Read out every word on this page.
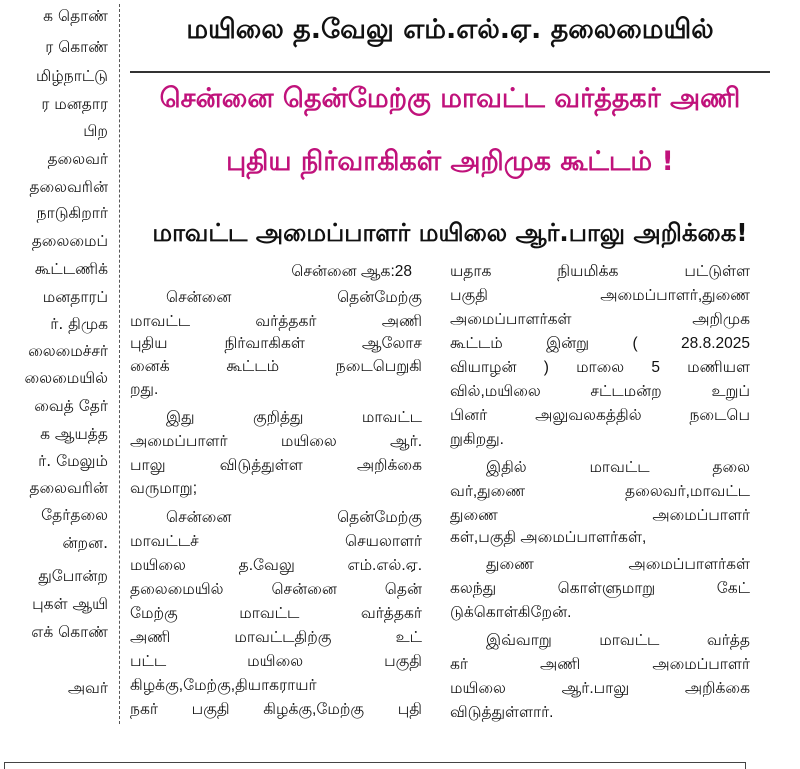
க தொண்
ர கொண்
மிழ்நாட்டு
ர மனதார
பிற
தலைவர்
தலைவரின்
நாடுகிறார்
தலைமைப்
கூட்டணிக்
மனதாரப்
ர். திமுக
லைமைச்சர்
லைமையில்
வைத் தேர்
க ஆயத்த
ர். மேலும்
தலைவரின்
தேர்தலை
ன்றன.
துபோன்ற
புகள் ஆயி
எக் கொண்
அவர்
மயிலை த.வேலு எம்.எல்.ஏ. தலைமையில்
சென்னை தென்மேற்கு மாவட்ட வர்த்தகர் அணி
புதிய நிர்வாகிகள் அறிமுக கூட்டம் !
மாவட்ட அமைப்பாளர் மயிலை ஆர்.பாலு அறிக்கை!
சென்னை ஆக:28
சென்னை தென்மேற்கு
மாவட்ட வர்த்தகர் அணி
புதிய நிர்வாகிகள் ஆலோச
னைக் கூட்டம் நடைபெறுகி
றது.
இது குறித்து மாவட்ட
அமைப்பாளர் மயிலை ஆர்.
பாலு விடுத்துள்ள அறிக்கை
வருமாறு;
சென்னை தென்மேற்கு
மாவட்டச் செயலாளர்
மயிலை த.வேலு எம்.எல்.ஏ.
தலைமையில் சென்னை தென்
மேற்கு மாவட்ட வர்த்தகர்
அணி மாவட்டதிற்கு உட்
பட்ட மயிலை பகுதி
கிழக்கு,மேற்கு,தியாகராயர்
நகர் பகுதி கிழக்கு,மேற்கு புதி
யதாக நியமிக்க பட்டுள்ள
பகுதி அமைப்பாளர்,துணை
அமைப்பாளர்கள் அறிமுக
கூட்டம் இன்று ( 28.8.2025
வியாழன் ) மாலை 5 மணியள
வில்,மயிலை சட்டமன்ற உறுப்
பினர் அலுவலகத்தில் நடைபெ
றுகிறது.
இதில் மாவட்ட தலை
வர்,துணை தலைவர்,மாவட்ட
துணை அமைப்பாளர்
கள்,பகுதி அமைப்பாளர்கள்,
துணை அமைப்பாளர்கள்
கலந்து கொள்ளுமாறு கேட்
டுக்கொள்கிறேன்.
இவ்வாறு மாவட்ட வர்த்த
கர் அணி அமைப்பாளர்
மயிலை ஆர்.பாலு அறிக்கை
விடுத்துள்ளார்.
